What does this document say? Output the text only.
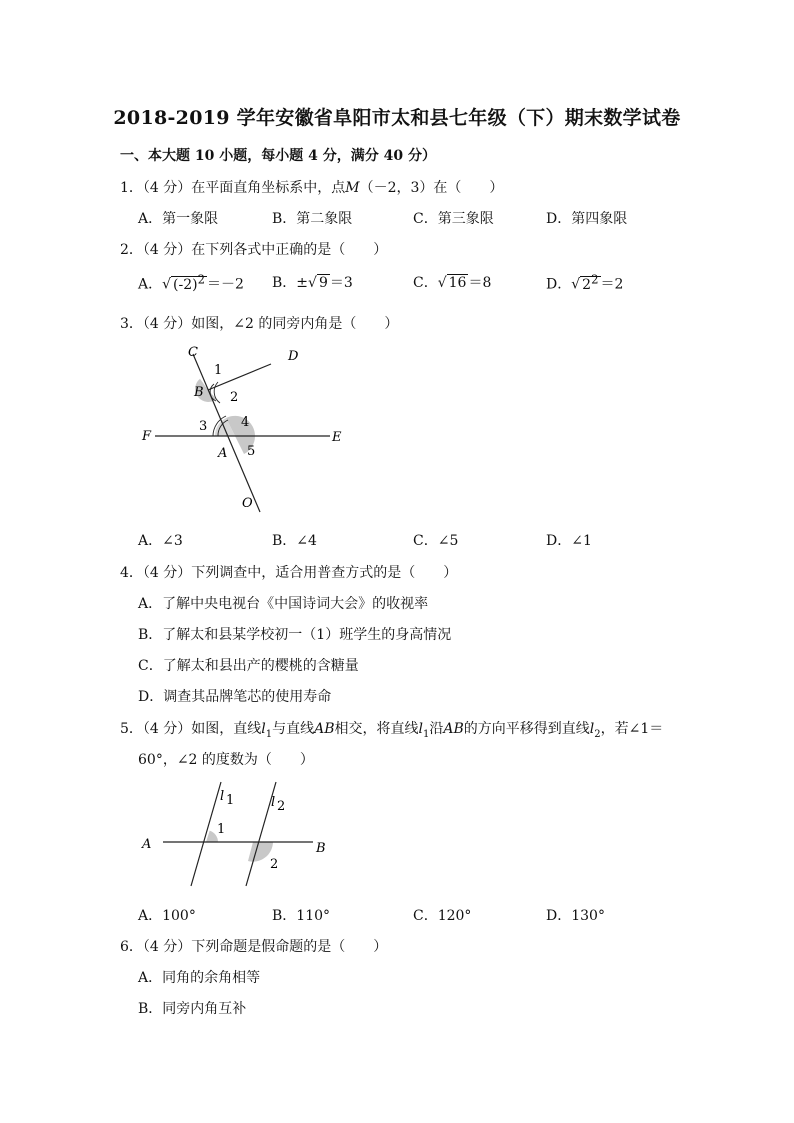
2018-2019 学年安徽省阜阳市太和县七年级（下）期末数学试卷
一、本大题 10 小题，每小题 4 分，满分 40 分）
1．（4 分）在平面直角坐标系中，点M（－2，3）在（　　）
A．第一象限	B．第二象限	C．第三象限	D．第四象限
2．（4 分）在下列各式中正确的是（　　）
A．√ $(-2)^2 =-2$ B．±√ 9 ＝3	C．√ 16 ＝8	D．√ $2^2 =2$
3．（4 分）如图，∠2 的同旁内角是（　　）
C	D
1
B 2
3	4
F	E
A 5
O
A．∠3	B．∠4	C．∠5	D．∠1
4．（4 分）下列调查中，适合用普查方式的是（　　）
A．了解中央电视台《中国诗词大会》的收视率
B．了解太和县某学校初一（1）班学生的身高情况
C．了解太和县出产的樱桃的含糖量
D．调查其品牌笔芯的使用寿命
5．（4 分）如图，直线$l_1$与直线AB相交，将直线$l_1$沿AB的方向平移得到直线$l_2$，若∠1＝
60°，∠2 的度数为（　　）
l 1	l 2
A
1
B
2
A．100°	B．110°	C．120°	D．130°
6．（4 分）下列命题是假命题的是（　　）
A．同角的余角相等
B．同旁内角互补
